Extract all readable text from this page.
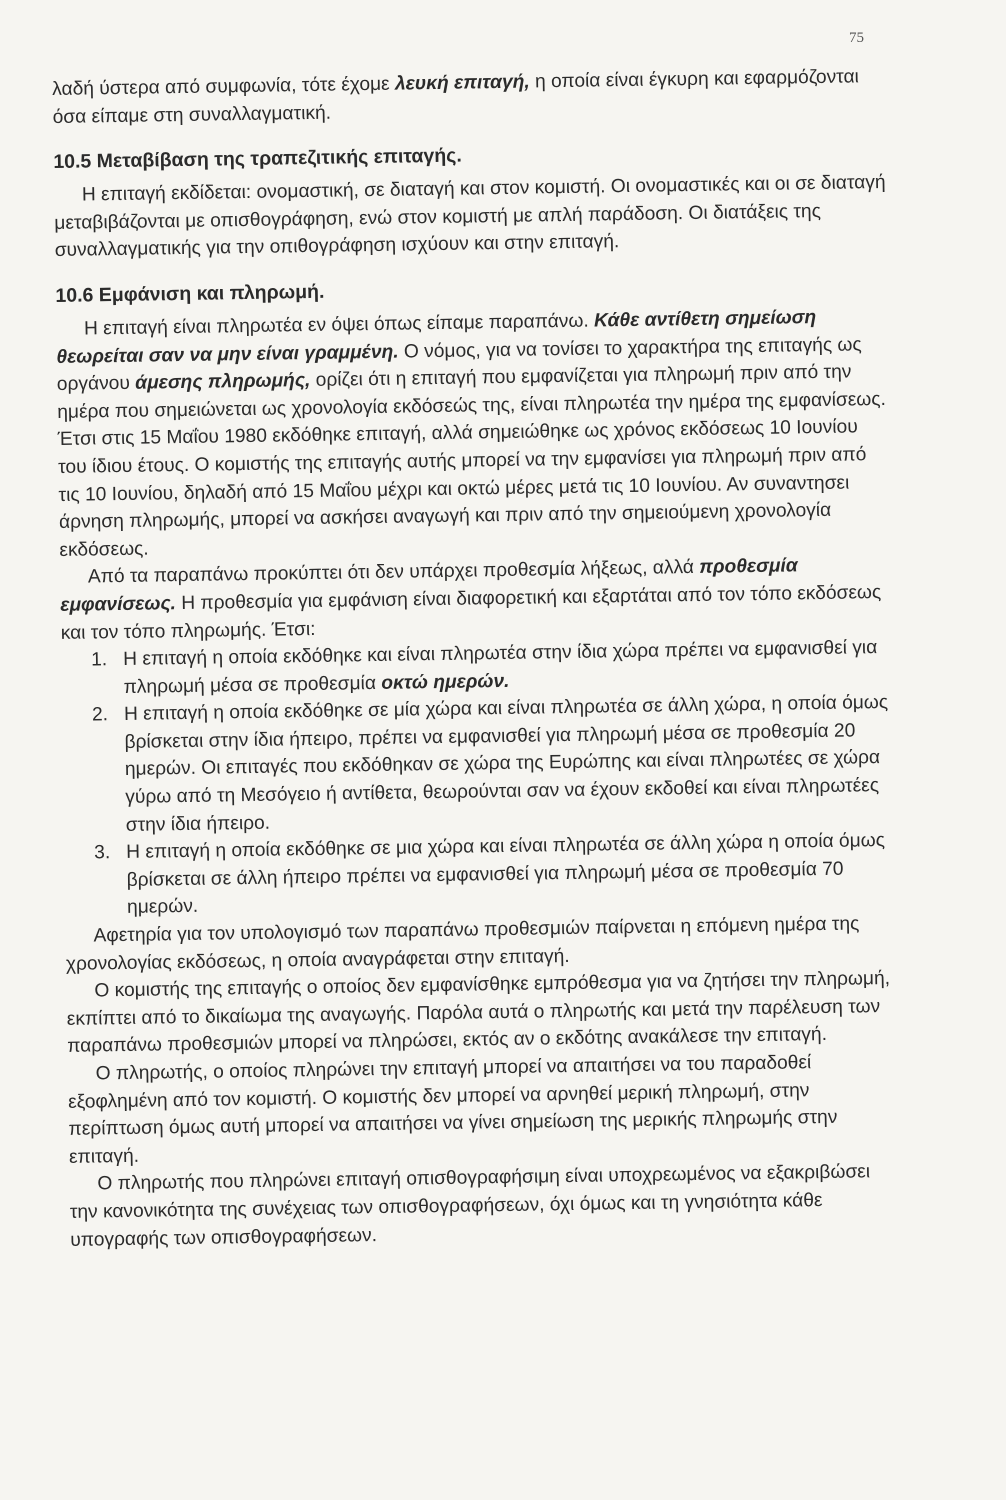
75

λαδή ύστερα από συμφωνία, τότε έχομε λευκή επιταγή, η οποία είναι έγκυρη και εφαρμόζονται όσα είπαμε στη συναλλαγματική.

10.5 Μεταβίβαση της τραπεζιτικής επιταγής.

Η επιταγή εκδίδεται: ονομαστική, σε διαταγή και στον κομιστή. Οι ονομαστικές και οι σε διαταγή μεταβιβάζονται με οπισθογράφηση, ενώ στον κομιστή με απλή παράδοση. Οι διατάξεις της συναλλαγματικής για την οπιθογράφηση ισχύουν και στην επιταγή.

10.6 Εμφάνιση και πληρωμή.

Η επιταγή είναι πληρωτέα εν όψει όπως είπαμε παραπάνω. Κάθε αντίθετη σημείωση θεωρείται σαν να μην είναι γραμμένη. Ο νόμος, για να τονίσει το χαρακτήρα της επιταγής ως οργάνου άμεσης πληρωμής, ορίζει ότι η επιταγή που εμφανίζεται για πληρωμή πριν από την ημέρα που σημειώνεται ως χρονολογία εκδόσεώς της, είναι πληρωτέα την ημέρα της εμφανίσεως. Έτσι στις 15 Μαΐου 1980 εκδόθηκε επιταγή, αλλά σημειώθηκε ως χρόνος εκδόσεως 10 Ιουνίου του ίδιου έτους. Ο κομιστής της επιταγής αυτής μπορεί να την εμφανίσει για πληρωμή πριν από τις 10 Ιουνίου, δηλαδή από 15 Μαΐου μέχρι και οκτώ μέρες μετά τις 10 Ιουνίου. Αν συναντησει άρνηση πληρωμής, μπορεί να ασκήσει αναγωγή και πριν από την σημειούμενη χρονολογία εκδόσεως.

Από τα παραπάνω προκύπτει ότι δεν υπάρχει προθεσμία λήξεως, αλλά προθεσμία εμφανίσεως. Η προθεσμία για εμφάνιση είναι διαφορετική και εξαρτάται από τον τόπο εκδόσεως και τον τόπο πληρωμής. Έτσι:

1. Η επιταγή η οποία εκδόθηκε και είναι πληρωτέα στην ίδια χώρα πρέπει να εμφανισθεί για πληρωμή μέσα σε προθεσμία οκτώ ημερών.
2. Η επιταγή η οποία εκδόθηκε σε μία χώρα και είναι πληρωτέα σε άλλη χώρα, η οποία όμως βρίσκεται στην ίδια ήπειρο, πρέπει να εμφανισθεί για πληρωμή μέσα σε προθεσμία 20 ημερών. Οι επιταγές που εκδόθηκαν σε χώρα της Ευρώπης και είναι πληρωτέες σε χώρα γύρω από τη Μεσόγειο ή αντίθετα, θεωρούνται σαν να έχουν εκδοθεί και είναι πληρωτέες στην ίδια ήπειρο.
3. Η επιταγή η οποία εκδόθηκε σε μια χώρα και είναι πληρωτέα σε άλλη χώρα η οποία όμως βρίσκεται σε άλλη ήπειρο πρέπει να εμφανισθεί για πληρωμή μέσα σε προθεσμία 70 ημερών.

Αφετηρία για τον υπολογισμό των παραπάνω προθεσμιών παίρνεται η επόμενη ημέρα της χρονολογίας εκδόσεως, η οποία αναγράφεται στην επιταγή.

Ο κομιστής της επιταγής ο οποίος δεν εμφανίσθηκε εμπρόθεσμα για να ζητήσει την πληρωμή, εκπίπτει από το δικαίωμα της αναγωγής. Παρόλα αυτά ο πληρωτής και μετά την παρέλευση των παραπάνω προθεσμιών μπορεί να πληρώσει, εκτός αν ο εκδότης ανακάλεσε την επιταγή.

Ο πληρωτής, ο οποίος πληρώνει την επιταγή μπορεί να απαιτήσει να του παραδοθεί εξοφλημένη από τον κομιστή. Ο κομιστής δεν μπορεί να αρνηθεί μερική πληρωμή, στην περίπτωση όμως αυτή μπορεί να απαιτήσει να γίνει σημείωση της μερικής πληρωμής στην επιταγή.

Ο πληρωτής που πληρώνει επιταγή οπισθογραφήσιμη είναι υποχρεωμένος να εξακριβώσει την κανονικότητα της συνέχειας των οπισθογραφήσεων, όχι όμως και τη γνησιότητα κάθε υπογραφής των οπισθογραφήσεων.
